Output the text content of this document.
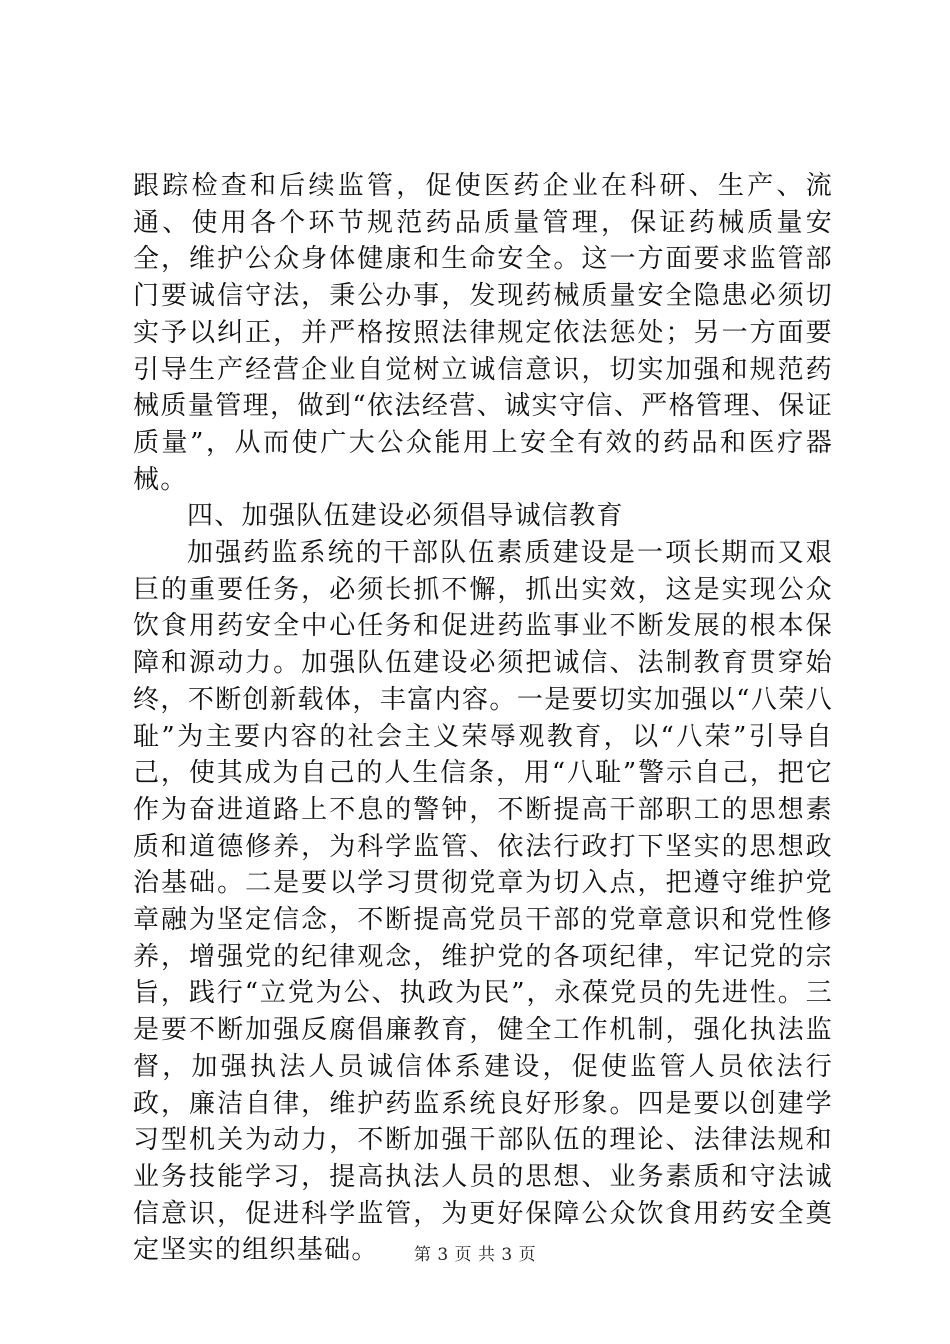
跟踪检查和后续监管，促使医药企业在科研、生产、流通、使用各个环节规范药品质量管理，保证药械质量安全，维护公众身体健康和生命安全。这一方面要求监管部门要诚信守法，秉公办事，发现药械质量安全隐患必须切实予以纠正，并严格按照法律规定依法惩处；另一方面要引导生产经营企业自觉树立诚信意识，切实加强和规范药械质量管理，做到“依法经营、诚实守信、严格管理、保证质量”，从而使广大公众能用上安全有效的药品和医疗器械。

四、加强队伍建设必须倡导诚信教育

加强药监系统的干部队伍素质建设是一项长期而又艰巨的重要任务，必须长抓不懈，抓出实效，这是实现公众饮食用药安全中心任务和促进药监事业不断发展的根本保障和源动力。加强队伍建设必须把诚信、法制教育贯穿始终，不断创新载体，丰富内容。一是要切实加强以“八荣八耻”为主要内容的社会主义荣辱观教育，以“八荣”引导自己，使其成为自己的人生信条，用“八耻”警示自己，把它作为奋进道路上不息的警钟，不断提高干部职工的思想素质和道德修养，为科学监管、依法行政打下坚实的思想政治基础。二是要以学习贯彻党章为切入点，把遵守维护党章融为坚定信念，不断提高党员干部的党章意识和党性修养，增强党的纪律观念，维护党的各项纪律，牢记党的宗旨，践行“立党为公、执政为民”，永葆党员的先进性。三是要不断加强反腐倡廉教育，健全工作机制，强化执法监督，加强执法人员诚信体系建设，促使监管人员依法行政，廉洁自律，维护药监系统良好形象。四是要以创建学习型机关为动力，不断加强干部队伍的理论、法律法规和业务技能学习，提高执法人员的思想、业务素质和守法诚信意识，促进科学监管，为更好保障公众饮食用药安全奠定坚实的组织基础。	第 3 页 共 3 页
